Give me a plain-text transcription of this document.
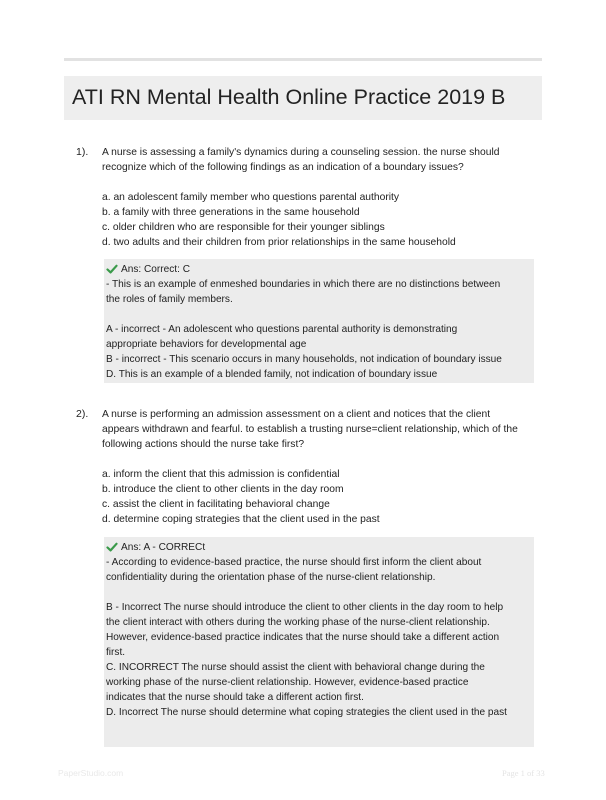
ATI RN Mental Health Online Practice 2019 B
1). A nurse is assessing a family's dynamics during a counseling session. the nurse should
recognize which of the following findings as an indication of a boundary issues?
a. an adolescent family member who questions parental authority
b. a family with three generations in the same household
c. older children who are responsible for their younger siblings
d. two adults and their children from prior relationships in the same household
Ans: Correct: C
- This is an example of enmeshed boundaries in which there are no distinctions between
the roles of family members.
A - incorrect - An adolescent who questions parental authority is demonstrating
appropriate behaviors for developmental age
B - incorrect - This scenario occurs in many households, not indication of boundary issue
D. This is an example of a blended family, not indication of boundary issue
2). A nurse is performing an admission assessment on a client and notices that the client
appears withdrawn and fearful. to establish a trusting nurse=client relationship, which of the
following actions should the nurse take first?
a. inform the client that this admission is confidential
b. introduce the client to other clients in the day room
c. assist the client in facilitating behavioral change
d. determine coping strategies that the client used in the past
Ans: A - CORRECt
- According to evidence-based practice, the nurse should first inform the client about
confidentiality during the orientation phase of the nurse-client relationship.
B - Incorrect The nurse should introduce the client to other clients in the day room to help
the client interact with others during the working phase of the nurse-client relationship.
However, evidence-based practice indicates that the nurse should take a different action
first.
C. INCORRECT The nurse should assist the client with behavioral change during the
working phase of the nurse-client relationship. However, evidence-based practice
indicates that the nurse should take a different action first.
D. Incorrect The nurse should determine what coping strategies the client used in the past
PaperStudio.com	Page 1 of 33
